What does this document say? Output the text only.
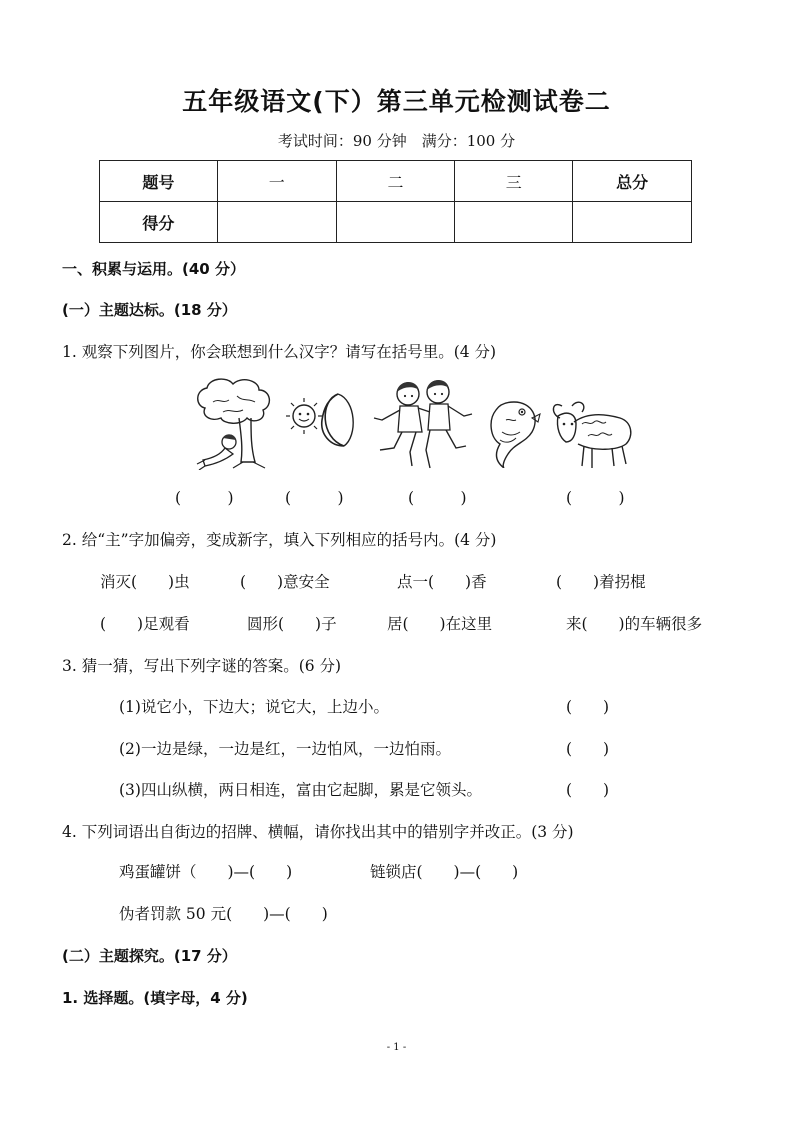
五年级语文(下）第三单元检测试卷二
考试时间：90 分钟　满分：100 分
题号	一	二	三	总分
得分				
一、积累与运用。(40 分）
(一）主题达标。(18 分）
1. 观察下列图片，你会联想到什么汉字？请写在括号里。(4 分)
(　　　)	(　　　)	(　　　)	(　　　)
2. 给“主”字加偏旁，变成新字，填入下列相应的括号内。(4 分)
消灭(　　)虫	(　　)意安全	点一(　　)香	(　　)着拐棍
(　　)足观看	圆形(　　)子	居(　　)在这里	来(　　)的车辆很多
3. 猜一猜，写出下列字谜的答案。(6 分)
(1)说它小，下边大；说它大，上边小。	(　　)
(2)一边是绿，一边是红，一边怕风，一边怕雨。	(　　)
(3)四山纵横，两日相连，富由它起脚，累是它领头。	(　　)
4. 下列词语出自街边的招牌、横幅，请你找出其中的错别字并改正。(3 分)
鸡蛋罐饼（　　)—(　　)	链锁店(　　)—(　　)
伪者罚款 50 元(　　)—(　　)
(二）主题探究。(17 分）
1. 选择题。(填字母，4 分)
- 1 -
